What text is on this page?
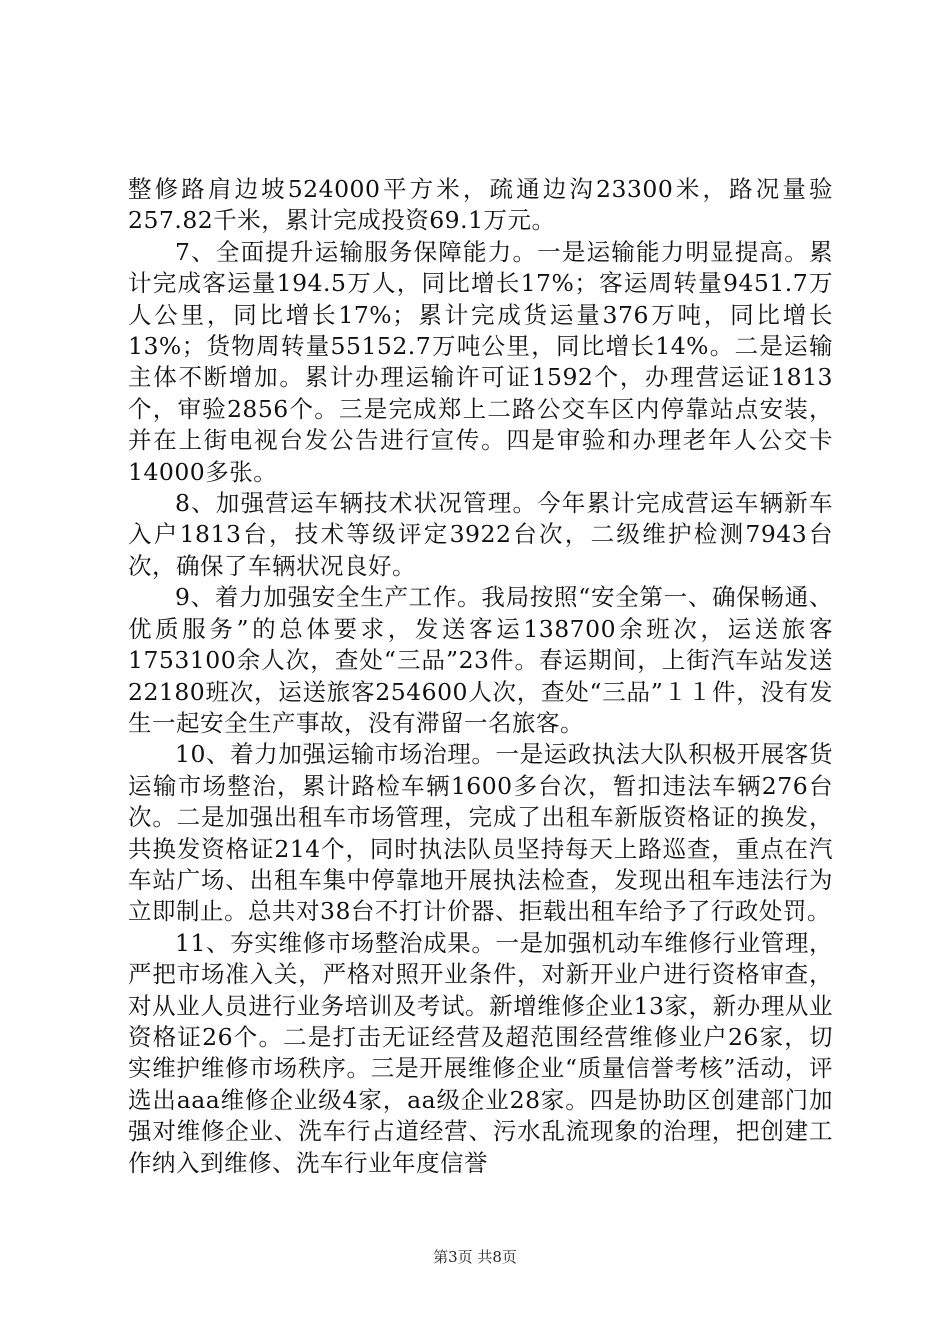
整修路肩边坡524000平方米，疏通边沟23300米，路况量验257.82千米，累计完成投资69.1万元。

7、全面提升运输服务保障能力。一是运输能力明显提高。累计完成客运量194.5万人，同比增长17%；客运周转量9451.7万人公里，同比增长17%；累计完成货运量376万吨，同比增长13%；货物周转量55152.7万吨公里，同比增长14%。二是运输主体不断增加。累计办理运输许可证1592个，办理营运证1813个，审验2856个。三是完成郑上二路公交车区内停靠站点安装，并在上街电视台发公告进行宣传。四是审验和办理老年人公交卡14000多张。

8、加强营运车辆技术状况管理。今年累计完成营运车辆新车入户1813台，技术等级评定3922台次，二级维护检测7943台次，确保了车辆状况良好。

9、着力加强安全生产工作。我局按照“安全第一、确保畅通、优质服务”的总体要求，发送客运138700余班次，运送旅客1753100余人次，查处“三品”23件。春运期间，上街汽车站发送22180班次，运送旅客254600人次，查处“三品”１１件，没有发生一起安全生产事故，没有滞留一名旅客。

10、着力加强运输市场治理。一是运政执法大队积极开展客货运输市场整治，累计路检车辆1600多台次，暂扣违法车辆276台次。二是加强出租车市场管理，完成了出租车新版资格证的换发，共换发资格证214个，同时执法队员坚持每天上路巡查，重点在汽车站广场、出租车集中停靠地开展执法检查，发现出租车违法行为立即制止。总共对38台不打计价器、拒载出租车给予了行政处罚。

11、夯实维修市场整治成果。一是加强机动车维修行业管理，严把市场准入关，严格对照开业条件，对新开业户进行资格审查，对从业人员进行业务培训及考试。新增维修企业13家，新办理从业资格证26个。二是打击无证经营及超范围经营维修业户26家，切实维护维修市场秩序。三是开展维修企业“质量信誉考核”活动，评选出aaa维修企业级4家，aa级企业28家。四是协助区创建部门加强对维修企业、洗车行占道经营、污水乱流现象的治理，把创建工作纳入到维修、洗车行业年度信誉

第3页 共8页
